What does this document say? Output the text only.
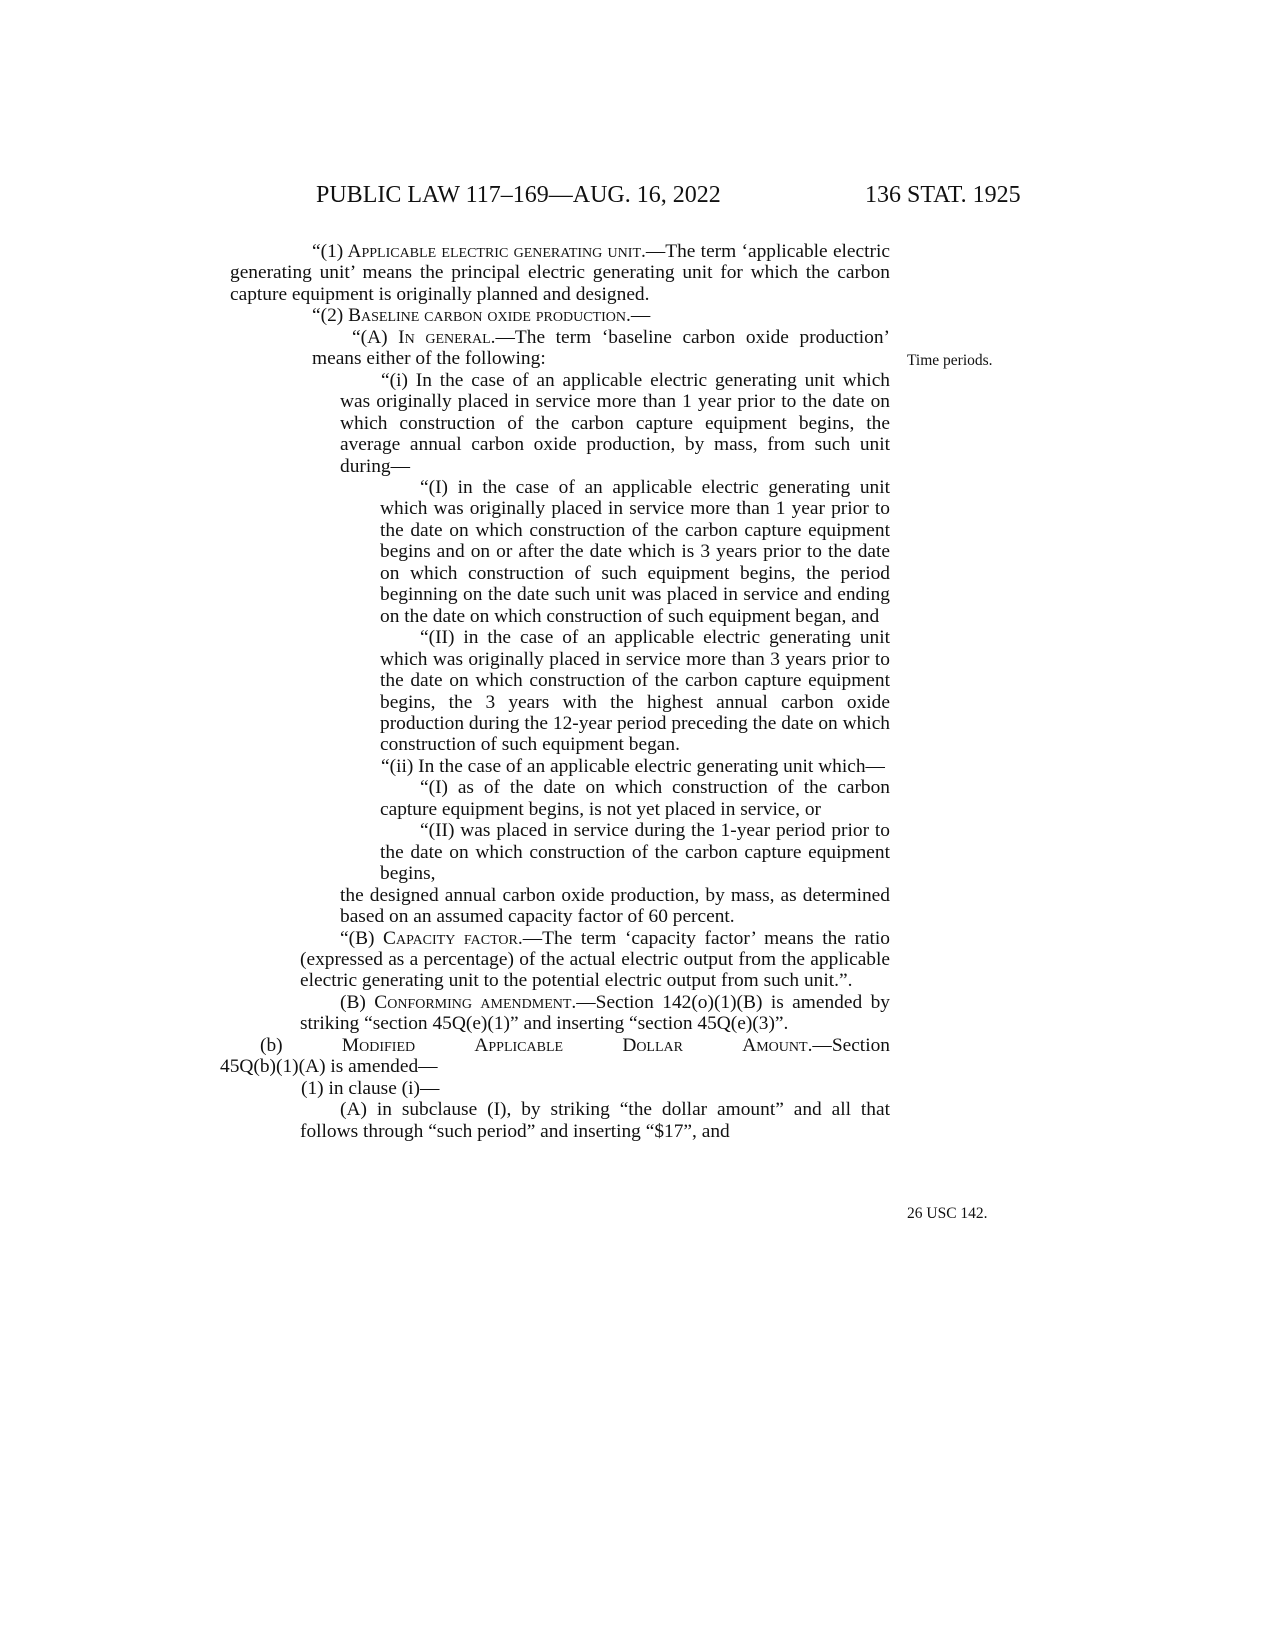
PUBLIC LAW 117–169—AUG. 16, 2022	136 STAT. 1925
Time periods.
26 USC 142.

“(1) Applicable electric generating unit.—The term ‘applicable electric generating unit’ means the principal electric generating unit for which the carbon capture equipment is originally planned and designed.

“(2) Baseline carbon oxide production.—

“(A) In general.—The term ‘baseline carbon oxide production’ means either of the following:

“(i) In the case of an applicable electric generating unit which was originally placed in service more than 1 year prior to the date on which construction of the carbon capture equipment begins, the average annual carbon oxide production, by mass, from such unit during—

“(I) in the case of an applicable electric generating unit which was originally placed in service more than 1 year prior to the date on which construction of the carbon capture equipment begins and on or after the date which is 3 years prior to the date on which construction of such equipment begins, the period beginning on the date such unit was placed in service and ending on the date on which construction of such equipment began, and

“(II) in the case of an applicable electric generating unit which was originally placed in service more than 3 years prior to the date on which construction of the carbon capture equipment begins, the 3 years with the highest annual carbon oxide production during the 12-year period preceding the date on which construction of such equipment began.

“(ii) In the case of an applicable electric generating unit which—

“(I) as of the date on which construction of the carbon capture equipment begins, is not yet placed in service, or

“(II) was placed in service during the 1-year period prior to the date on which construction of the carbon capture equipment begins,

the designed annual carbon oxide production, by mass, as determined based on an assumed capacity factor of 60 percent.

“(B) Capacity factor.—The term ‘capacity factor’ means the ratio (expressed as a percentage) of the actual electric output from the applicable electric generating unit to the potential electric output from such unit.”.

(B) Conforming amendment.—Section 142(o)(1)(B) is amended by striking “section 45Q(e)(1)” and inserting “section 45Q(e)(3)”.

(b)	Modified	Applicable	Dollar	Amount.—Section

45Q(b)(1)(A) is amended—

(1) in clause (i)—

(A) in subclause (I), by striking “the dollar amount” and all that follows through “such period” and inserting “$17”, and
